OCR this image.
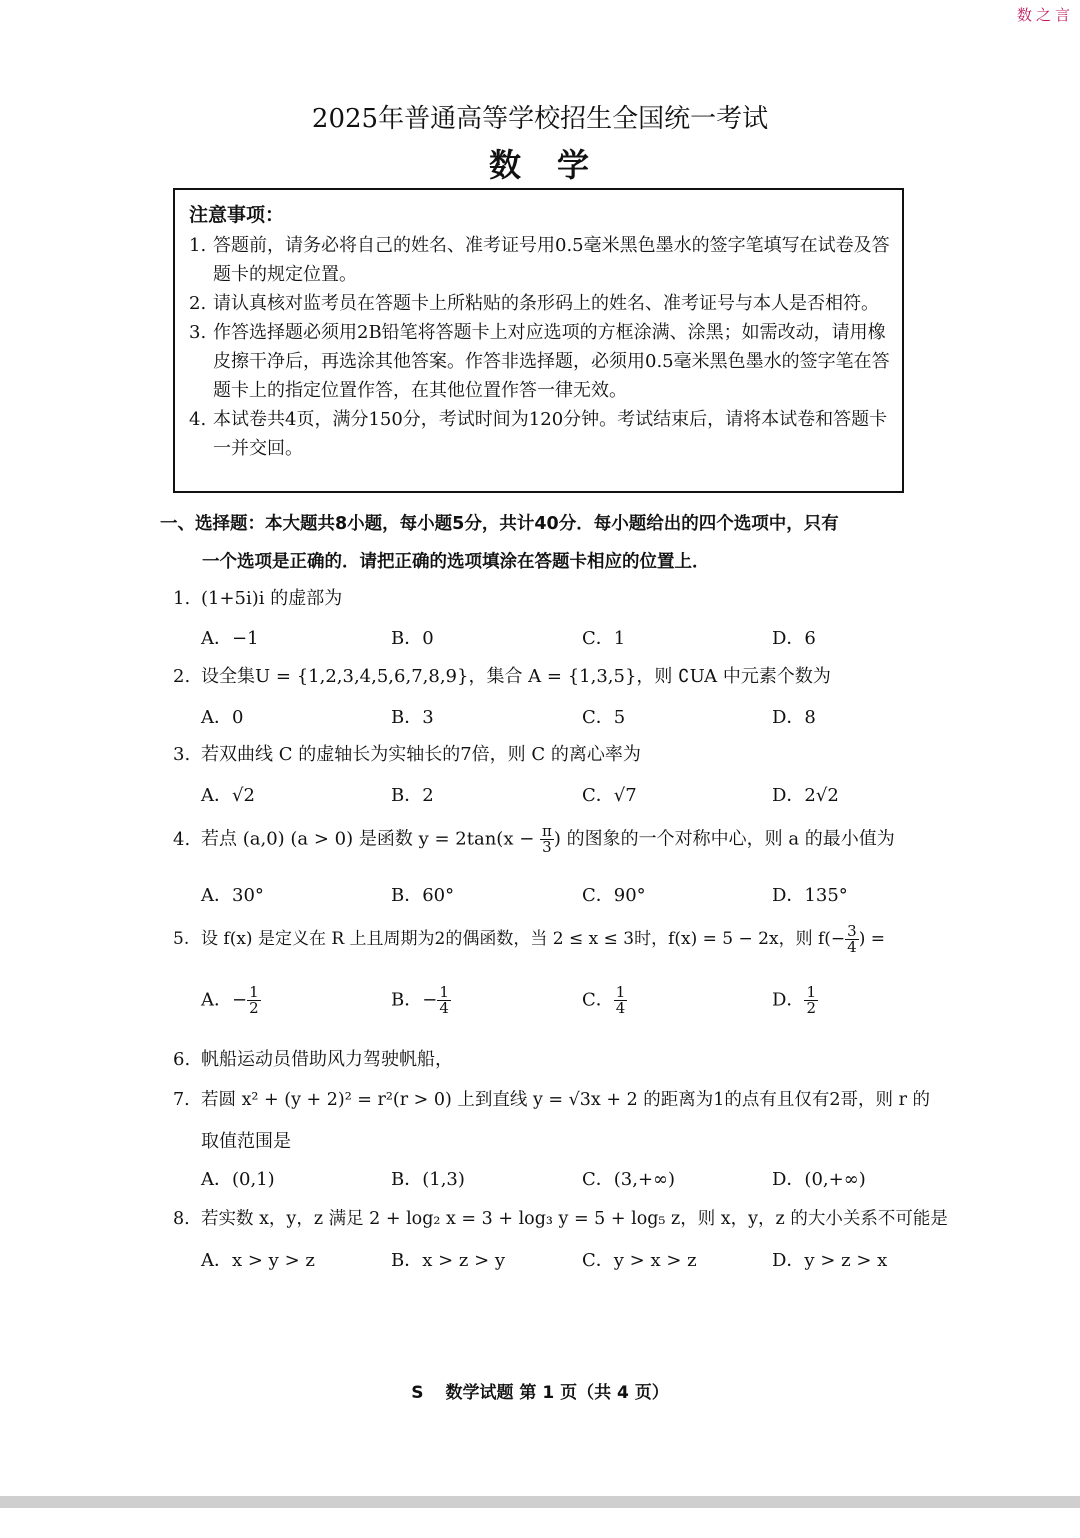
数之言
2025年普通高等学校招生全国统一考试
数　学
注意事项：
1. 答题前，请务必将自己的姓名、准考证号用0.5毫米黑色墨水的签字笔填写在试卷及答题卡的规定位置。
2. 请认真核对监考员在答题卡上所粘贴的条形码上的姓名、准考证号与本人是否相符。
3. 作答选择题必须用2B铅笔将答题卡上对应选项的方框涂满、涂黑；如需改动，请用橡皮擦干净后，再选涂其他答案。作答非选择题，必须用0.5毫米黑色墨水的签字笔在答题卡上的指定位置作答，在其他位置作答一律无效。
4. 本试卷共4页，满分150分，考试时间为120分钟。考试结束后，请将本试卷和答题卡一并交回。
一、选择题：本大题共8小题，每小题5分，共计40分．每小题给出的四个选项中，只有
一个选项是正确的．请把正确的选项填涂在答题卡相应的位置上．
1. (1+5i)i 的虚部为
A．−1	B．0	C．1	D．6
2. 设全集U = {1,2,3,4,5,6,7,8,9}，集合 A = {1,3,5}，则 ∁UA 中元素个数为
A．0	B．3	C．5	D．8
3. 若双曲线 C 的虚轴长为实轴长的7倍，则 C 的离心率为
A．√2	B．2	C．√7	D．2√2
4. 若点 (a,0) (a > 0) 是函数 $y = 2\tan(x - \frac{\pi}{3}$ ) 的图象的一个对称中心，则 a 的最小值为
A．30°	B．60°	C．90°	D．135°
5. 设 f(x) 是定义在 R 上且周期为2的偶函数，当 2 ≤ x ≤ 3时，f(x) = 5 − 2x，则 $f(- \frac{3}{4}$ ) =
A．− $\frac{1}{2}$	B．− $\frac{1}{4}$	C． $\frac{1}{4}$	D． $\frac{1}{2}$
6. 帆船运动员借助风力驾驶帆船，
7. 若圆 x² + (y + 2)² = r²(r > 0) 上到直线 y = √3x + 2 的距离为1的点有且仅有2哥，则 r 的
取值范围是
A．(0,1)	B．(1,3)	C．(3,+∞)	D．(0,+∞)
8. 若实数 x，y，z 满足 2 + log₂ x = 3 + log₃ y = 5 + log₅ z，则 x，y，z 的大小关系不可能是
A．x > y > z	B．x > z > y	C．y > x > z	D．y > z > x
S 数学试题 第 1 页（共 4 页）
